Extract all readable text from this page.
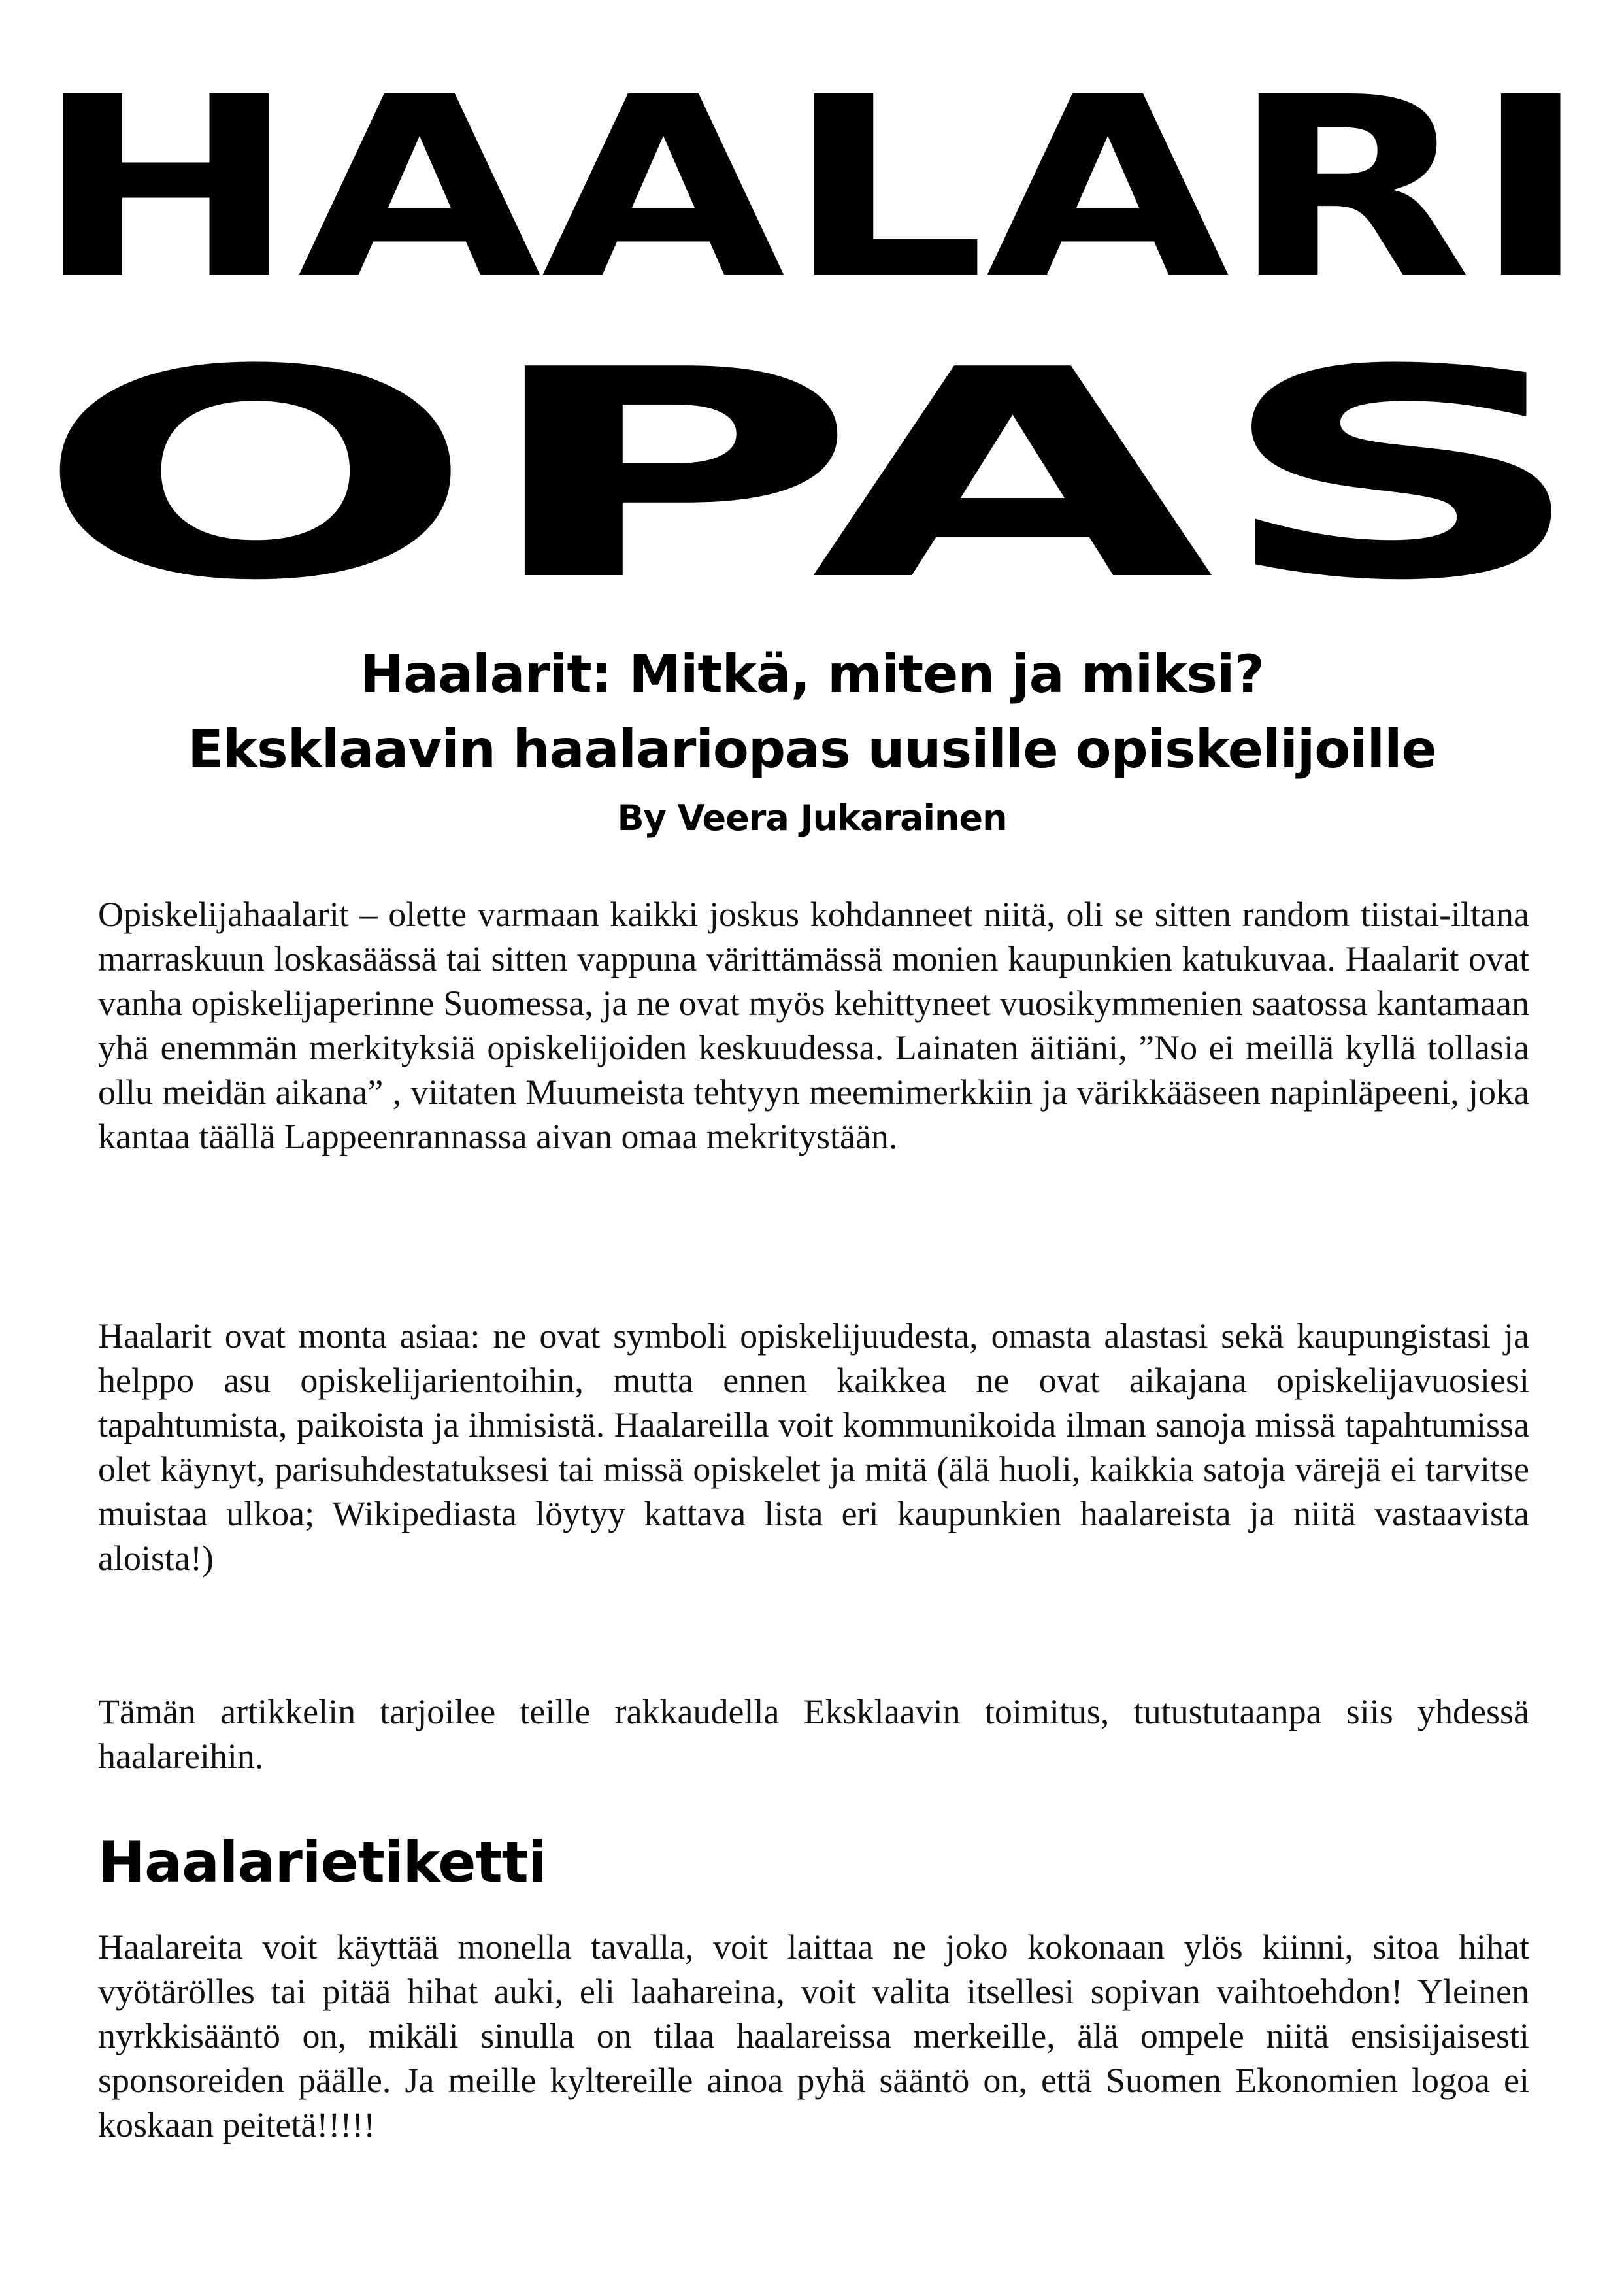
HAALARI
OPAS
Haalarit: Mitkä, miten ja miksi?
Eksklaavin haalariopas uusille opiskelijoille
By Veera Jukarainen

Opiskelijahaalarit – olette varmaan kaikki joskus kohdanneet niitä, oli se sitten random tiistai-iltana marraskuun loskasäässä tai sitten vappuna värittämässä monien kaupunkien katukuvaa. Haalarit ovat vanha opiskelijaperinne Suomessa, ja ne ovat myös kehittyneet vuosikymmenien saatossa kantamaan yhä enemmän merkityksiä opiskelijoiden keskuudessa. Lainaten äitiäni, ”No ei meillä kyllä tollasia ollu meidän aikana” , viitaten Muumeista tehtyyn meemimerkkiin ja värikkääseen napinläpeeni, joka kantaa täällä Lappeenrannassa aivan omaa mekritystään.

Haalarit ovat monta asiaa: ne ovat symboli opiskelijuudesta, omasta alastasi sekä kaupungistasi ja helppo asu opiskelijarientoihin, mutta ennen kaikkea ne ovat aikajana opiskelijavuosiesi tapahtumista, paikoista ja ihmisistä. Haalareilla voit kommunikoida ilman sanoja missä tapahtumissa olet käynyt, parisuhdestatuksesi tai missä opiskelet ja mitä (älä huoli, kaikkia satoja värejä ei tarvitse muistaa ulkoa; Wikipediasta löytyy kattava lista eri kaupunkien haalareista ja niitä vastaavista aloista!)

Tämän artikkelin tarjoilee teille rakkaudella Eksklaavin toimitus, tutustutaanpa siis yhdessä haalareihin.

Haalarietiketti

Haalareita voit käyttää monella tavalla, voit laittaa ne joko kokonaan ylös kiinni, sitoa hihat vyötärölles tai pitää hihat auki, eli laahareina, voit valita itsellesi sopivan vaihtoehdon! Yleinen nyrkkisääntö on, mikäli sinulla on tilaa haalareissa merkeille, älä ompele niitä ensisijaisesti sponsoreiden päälle. Ja meille kyltereille ainoa pyhä sääntö on, että Suomen Ekonomien logoa ei koskaan peitetä!!!!!
